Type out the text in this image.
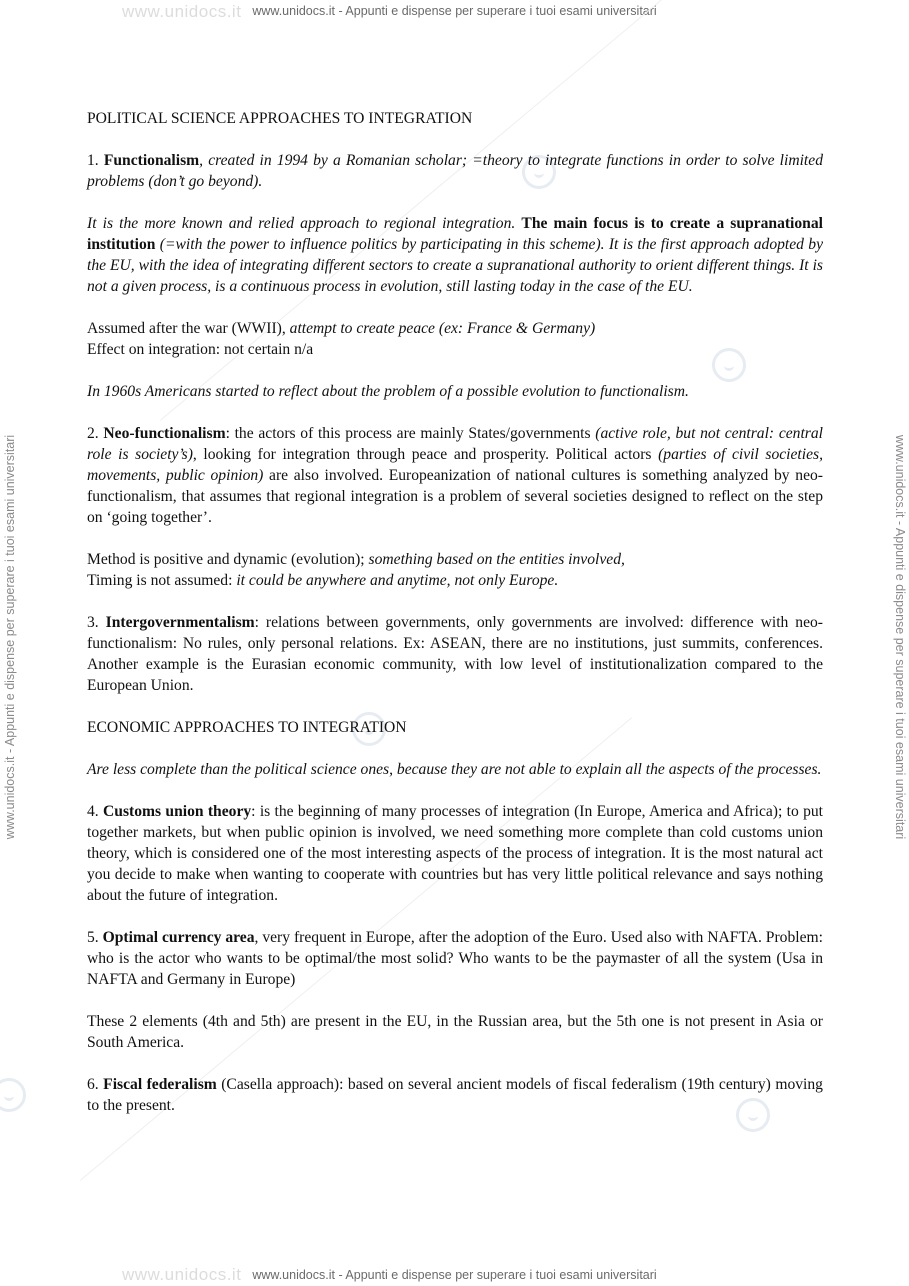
www.unidocs.it www.unidocs.it - Appunti e dispense per superare i tuoi esami universitari
www.unidocs.it www.unidocs.it - Appunti e dispense per superare i tuoi esami universitari
www.unidocs.it - Appunti e dispense per superare i tuoi esami universitari	www.unidocs.it - Appunti e dispense per superare i tuoi esami universitari

POLITICAL SCIENCE APPROACHES TO INTEGRATION

1. Functionalism, created in 1994 by a Romanian scholar; =theory to integrate functions in order to solve limited problems (don’t go beyond).

It is the more known and relied approach to regional integration. The main focus is to create a supranational institution (=with the power to influence politics by participating in this scheme). It is the first approach adopted by the EU, with the idea of integrating different sectors to create a supranational authority to orient different things. It is not a given process, is a continuous process in evolution, still lasting today in the case of the EU.

Assumed after the war (WWII), attempt to create peace (ex: France & Germany)
Effect on integration: not certain n/a

In 1960s Americans started to reflect about the problem of a possible evolution to functionalism.

2. Neo-functionalism: the actors of this process are mainly States/governments (active role, but not central: central role is society’s), looking for integration through peace and prosperity. Political actors (parties of civil societies, movements, public opinion) are also involved. Europeanization of national cultures is something analyzed by neo-functionalism, that assumes that regional integration is a problem of several societies designed to reflect on the step on ‘going together’.

Method is positive and dynamic (evolution); something based on the entities involved,
Timing is not assumed: it could be anywhere and anytime, not only Europe.

3. Intergovernmentalism: relations between governments, only governments are involved: difference with neo-functionalism: No rules, only personal relations. Ex: ASEAN, there are no institutions, just summits, conferences. Another example is the Eurasian economic community, with low level of institutionalization compared to the European Union.

ECONOMIC APPROACHES TO INTEGRATION

Are less complete than the political science ones, because they are not able to explain all the aspects of the processes.

4. Customs union theory: is the beginning of many processes of integration (In Europe, America and Africa); to put together markets, but when public opinion is involved, we need something more complete than cold customs union theory, which is considered one of the most interesting aspects of the process of integration. It is the most natural act you decide to make when wanting to cooperate with countries but has very little political relevance and says nothing about the future of integration.

5. Optimal currency area, very frequent in Europe, after the adoption of the Euro. Used also with NAFTA. Problem: who is the actor who wants to be optimal/the most solid? Who wants to be the paymaster of all the system (Usa in NAFTA and Germany in Europe)

These 2 elements (4th and 5th) are present in the EU, in the Russian area, but the 5th one is not present in Asia or South America.

6. Fiscal federalism (Casella approach): based on several ancient models of fiscal federalism (19th century) moving to the present.
